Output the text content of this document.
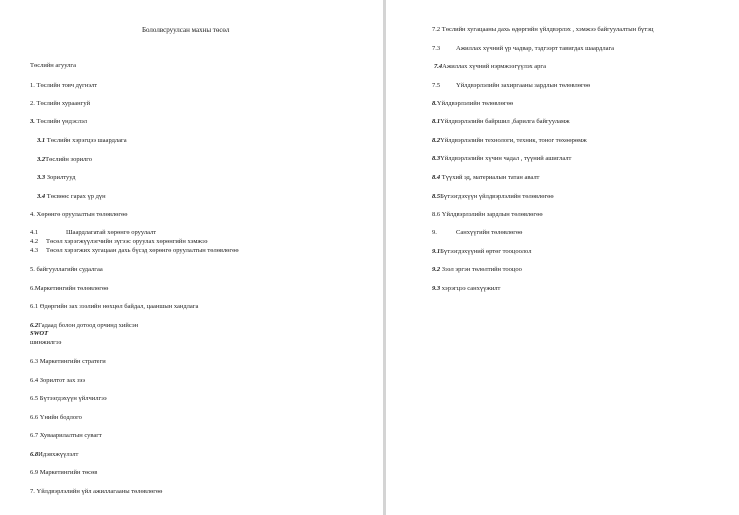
Бололвсруулсан махны төсөл
Төслийн агуулга
1. Төслийн товч дүгнэлт
2. Төслийн хураангуй
3. Төслийн үндэслэл
3.1 Төслийн хэрэгцээ шаардлага
3.2Төслийн зорилго
3.3 Зорилтууд
3.4 Төсвөөс гарах үр дүн
4. Хөрөнгө оруулалтын төлөвлөгөө
4.1	Шаардлагатай хөрөнгө оруулалт
4.2 Төсөл хэрэгжүүлэгчийн зүгээс оруулах хөрөнгийн хэмжээ
4.3 Төсөл хэрэгжих хугацаан дахь бүсэд хөрөнгө оруулалтын төлөвлөгөө
5. байгууллагийн судалгаа
6.Маркетингийн төлөвлөгөө
6.1 Өдөргийн зах зээлийн нөхцөл байдал, цааншын хандлага
6.2Гадаад болон дотоод орчинд хийсэн
SWOT
шинжилгээ
6.3 Маркетингийн стратеги
6.4 Зорилтот зах зээ
6.5 Бүтээгдэхүүн үйлчилгээ
6.6 Үнийн бодлого
6.7 Хуваарилалтын сувагт
6.8Идэвхжүүлэлт
6.9 Маркетингийн төсөв
7. Үйлдвэрлэлийн үйл ажиллагааны төлөвлөгөө
7.2 Төслийн хугацааны дахь өдөргийн үйлдвэрлэх , хэмжээ байгуулалтын бүтэц
7.3 Ажиллах хүчний үр чадвар, тэдгээрт тавигдах шаардлага
7.4Ажиллах хүчний нэрмжээгүүлэх арга
7.5 Үйлдвэрлэлийн захиргааны зардлын төлөвлөгөө
8.Үйлдвэрлэлийн төлөвлөгөө
8.1Үйлдвэрлэлийн байршил ,барилга байгууламж
8.2Үйлдвэрлэлийн технологи, техник, тоног төхөөрөмж
8.3Үйлдвэрлэлийн хүчин чадал , түүний ашиглалт
8.4 Түүхий эд, материалын татан авалт
8.5Бүтээгдэхүүн үйлдвэрлэлийн төлөвлөгөө
8.6 Үйлдвэрлэлийн зардлын төлөвлөгөө
9.	Санхүүгийн төлөвлөгөө
9.1Бүтээгдэхүүний өртөг тооцоолол
9.2 Зээл эргэн төлөлтийн тооцоо
9.3 хэрэгцээ санхүүжилт
